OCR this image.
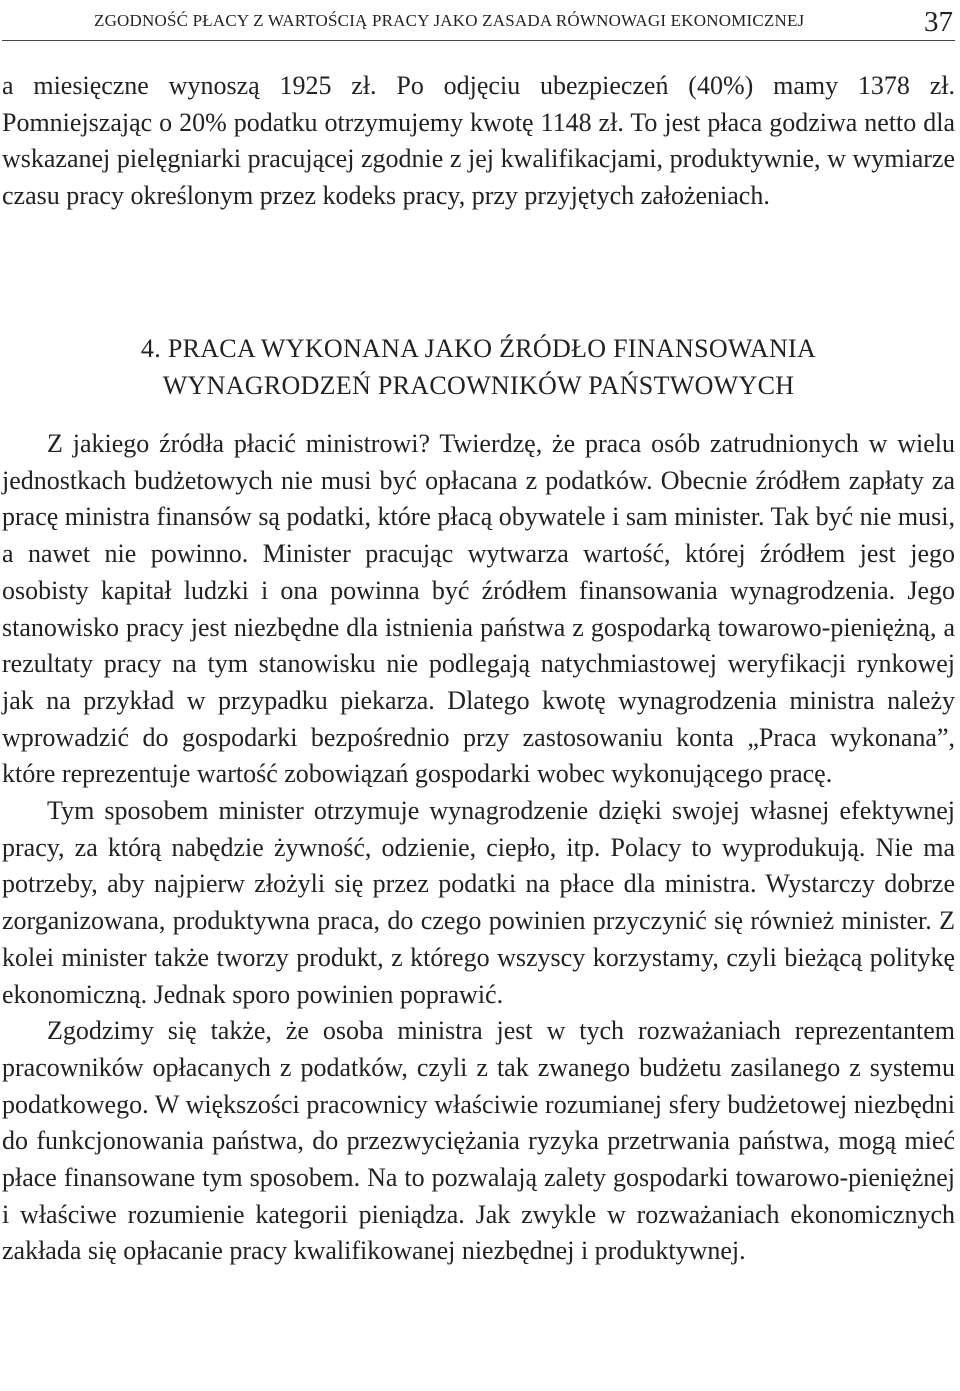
ZGODNOŚĆ PŁACY Z WARTOŚCIĄ PRACY JAKO ZASADA RÓWNOWAGI EKONOMICZNEJ	37

a miesięczne wynoszą 1925 zł. Po odjęciu ubezpieczeń (40%) mamy 1378 zł. Pomniejszając o 20% podatku otrzymujemy kwotę 1148 zł. To jest płaca godziwa netto dla wskazanej pielęgniarki pracującej zgodnie z jej kwalifikacjami, produktywnie, w wymiarze czasu pracy określonym przez kodeks pracy, przy przyjętych założeniach.

4. PRACA WYKONANA JAKO ŹRÓDŁO FINANSOWANIA
WYNAGRODZEŃ PRACOWNIKÓW PAŃSTWOWYCH

Z jakiego źródła płacić ministrowi? Twierdzę, że praca osób zatrudnionych w wielu jednostkach budżetowych nie musi być opłacana z podatków. Obecnie źródłem zapłaty za pracę ministra finansów są podatki, które płacą obywatele i sam minister. Tak być nie musi, a nawet nie powinno. Minister pracując wytwarza wartość, której źródłem jest jego osobisty kapitał ludzki i ona powinna być źródłem finansowania wynagrodzenia. Jego stanowisko pracy jest niezbędne dla istnienia państwa z gospodarką towarowo-pieniężną, a rezultaty pracy na tym stanowisku nie podlegają natychmiastowej weryfikacji rynkowej jak na przykład w przypadku piekarza. Dlatego kwotę wynagrodzenia ministra należy wprowadzić do gospodarki bezpośrednio przy zastosowaniu konta „Praca wykonana”, które reprezentuje wartość zobowiązań gospodarki wobec wykonującego pracę.

Tym sposobem minister otrzymuje wynagrodzenie dzięki swojej własnej efektywnej pracy, za którą nabędzie żywność, odzienie, ciepło, itp. Polacy to wyprodukują. Nie ma potrzeby, aby najpierw złożyli się przez podatki na płace dla ministra. Wystarczy dobrze zorganizowana, produktywna praca, do czego powinien przyczynić się również minister. Z kolei minister także tworzy produkt, z którego wszyscy korzystamy, czyli bieżącą politykę ekonomiczną. Jednak sporo powinien poprawić.

Zgodzimy się także, że osoba ministra jest w tych rozważaniach reprezentantem pracowników opłacanych z podatków, czyli z tak zwanego budżetu zasilanego z systemu podatkowego. W większości pracownicy właściwie rozumianej sfery budżetowej niezbędni do funkcjonowania państwa, do przezwyciężania ryzyka przetrwania państwa, mogą mieć płace finansowane tym sposobem. Na to pozwalają zalety gospodarki towarowo-pieniężnej i właściwe rozumienie kategorii pieniądza. Jak zwykle w rozważaniach ekonomicznych zakłada się opłacanie pracy kwalifikowanej niezbędnej i produktywnej.
